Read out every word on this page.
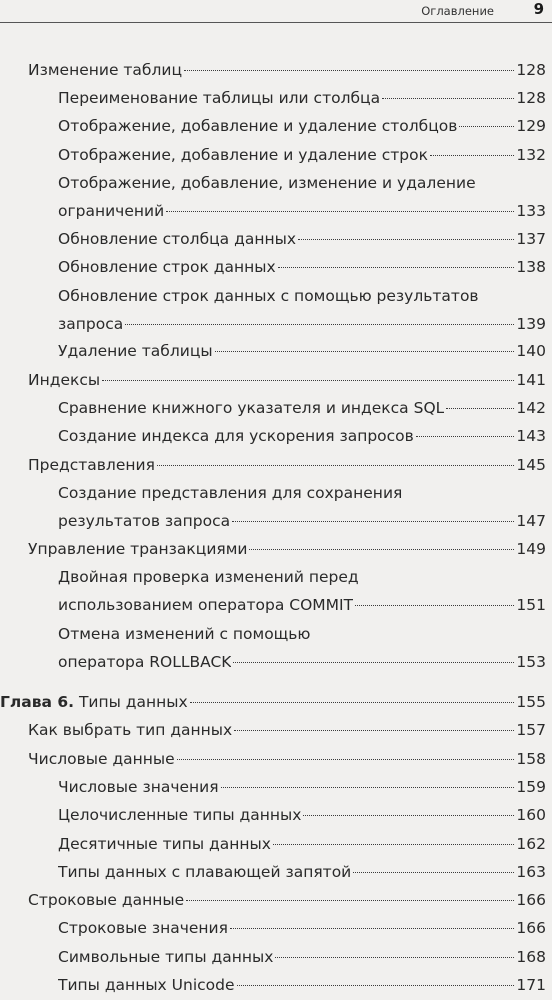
Оглавление	9
Изменение таблиц	128
Переименование таблицы или столбца	128
Отображение, добавление и удаление столбцов	129
Отображение, добавление и удаление строк	132
Отображение, добавление, изменение и удаление
ограничений	133
Обновление столбца данных	137
Обновление строк данных	138
Обновление строк данных с помощью результатов
запроса	139
Удаление таблицы	140
Индексы	141
Сравнение книжного указателя и индекса SQL	142
Создание индекса для ускорения запросов	143
Представления	145
Создание представления для сохранения
результатов запроса	147
Управление транзакциями	149
Двойная проверка изменений перед
использованием оператора COMMIT	151
Отмена изменений с помощью
оператора ROLLBACK	153
Глава 6. Типы данных	155
Как выбрать тип данных	157
Числовые данные	158
Числовые значения	159
Целочисленные типы данных	160
Десятичные типы данных	162
Типы данных с плавающей запятой	163
Строковые данные	166
Строковые значения	166
Символьные типы данных	168
Типы данных Unicode	171
